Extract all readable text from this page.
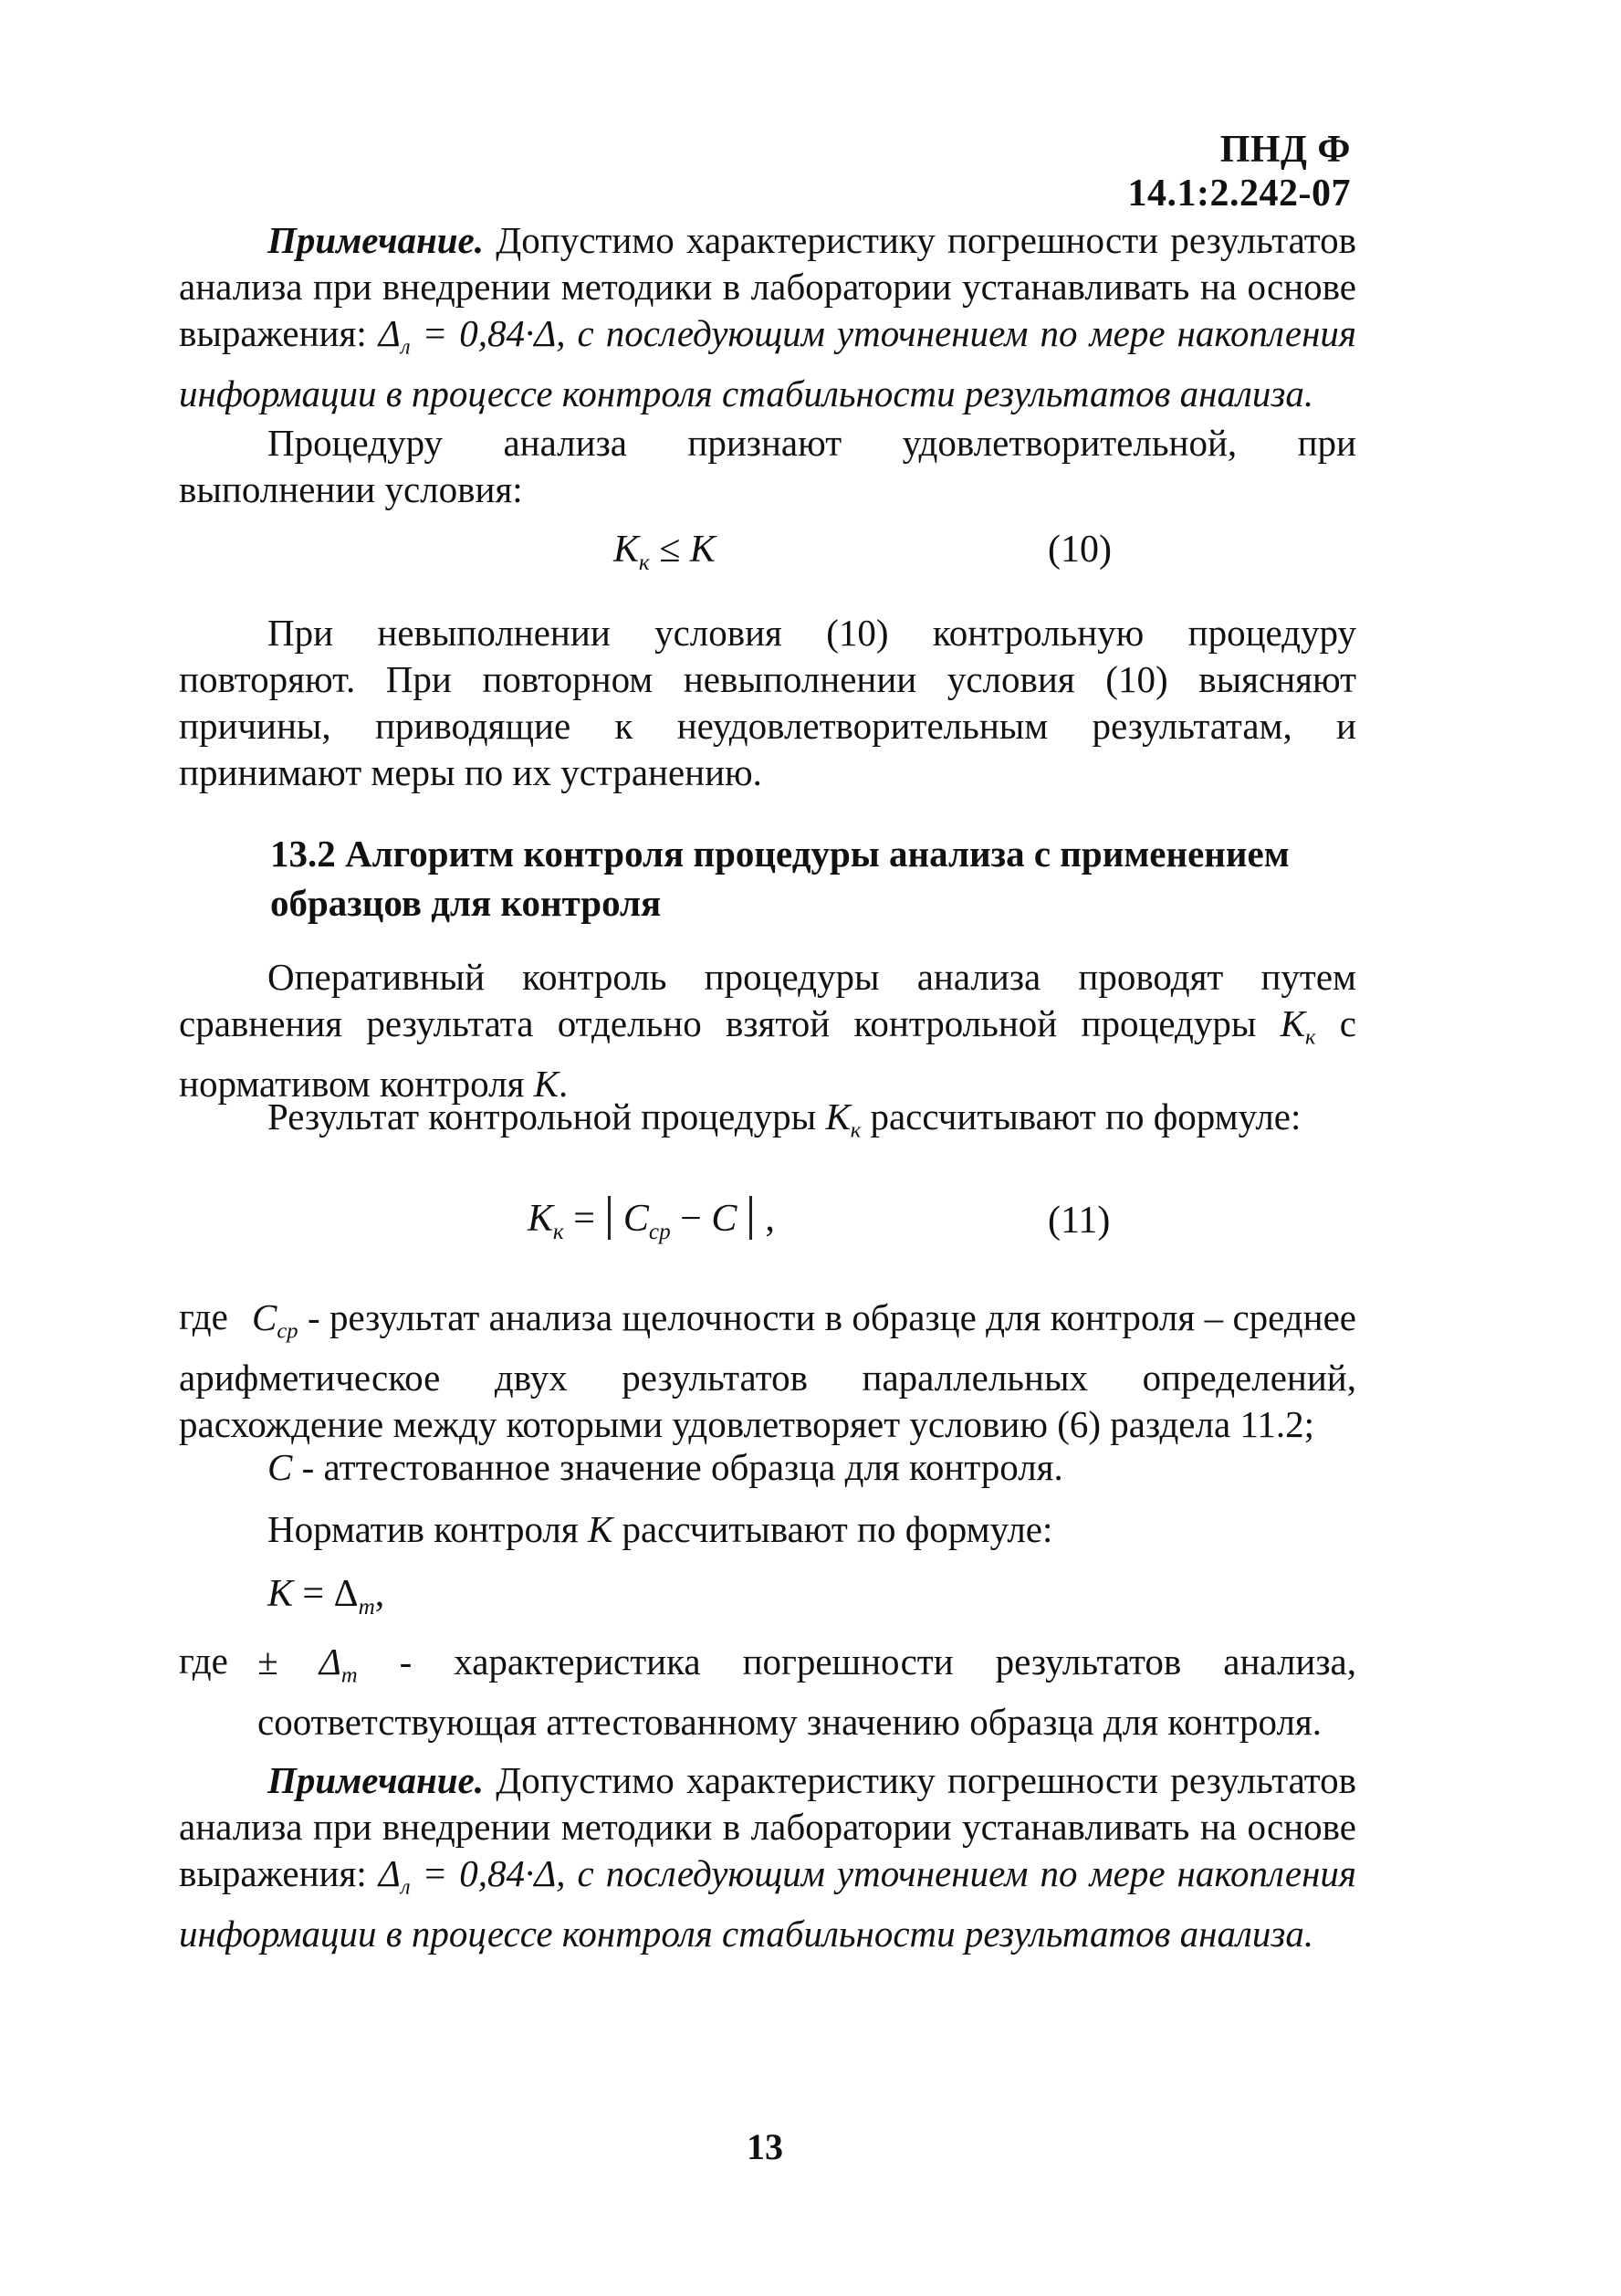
ПНД Ф 14.1:2.242-07
Примечание. Допустимо характеристику погрешности результатов анализа при внедрении методики в лаборатории устанавливать на основе выражения: $\Delta_л = 0,84\cdot\Delta$, с последующим уточнением по мере накопления информации в процессе контроля стабильности результатов анализа.
Процедуру анализа признают удовлетворительной, при выполнении условия:
$К_к \le К$	(10)
При невыполнении условия (10) контрольную процедуру повторяют. При повторном невыполнении условия (10) выясняют причины, приводящие к неудовлетворительным результатам, и принимают меры по их устранению.
13.2 Алгоритм контроля процедуры анализа с применением
образцов для контроля
Оперативный контроль процедуры анализа проводят путем сравнения результата отдельно взятой контрольной процедуры $К_к$ с нормативом контроля К.
Результат контрольной процедуры $К_к$ рассчитывают по формуле:
$К_к = C_{ср} - C$ ,	(11)
где $C_{ср}$ - результат анализа щелочности в образце для контроля – среднее арифметическое двух результатов параллельных определений, расхождение между которыми удовлетворяет условию (6) раздела 11.2;
С - аттестованное значение образца для контроля.
Норматив контроля К рассчитывают по формуле:
$К = \Delta_т$,
где ± $\Delta_т$ - характеристика погрешности результатов анализа, соответствующая аттестованному значению образца для контроля.
Примечание. Допустимо характеристику погрешности результатов анализа при внедрении методики в лаборатории устанавливать на основе выражения: $\Delta_л = 0,84\cdot\Delta$, с последующим уточнением по мере накопления информации в процессе контроля стабильности результатов анализа.
13
